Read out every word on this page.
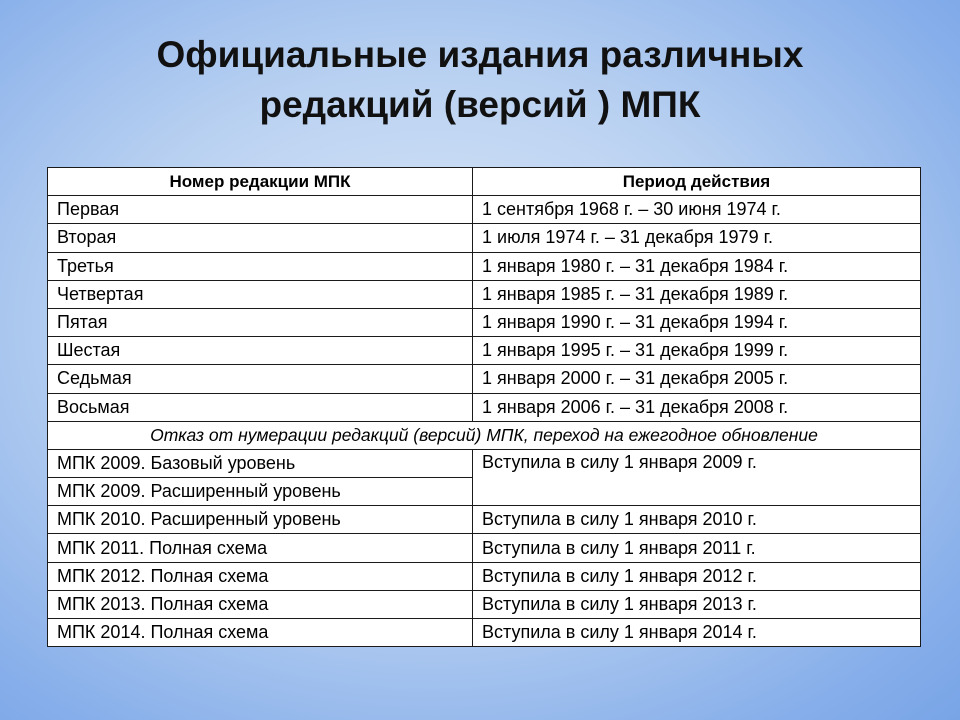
Официальные издания различных
редакций (версий ) МПК
Номер редакции МПК	Период действия
Первая	1 сентября 1968 г. – 30 июня 1974 г.
Вторая	1 июля 1974 г. – 31 декабря 1979 г.
Третья	1 января 1980 г. – 31 декабря 1984 г.
Четвертая	1 января 1985 г. – 31 декабря 1989 г.
Пятая	1 января 1990 г. – 31 декабря 1994 г.
Шестая	1 января 1995 г. – 31 декабря 1999 г.
Седьмая	1 января 2000 г. – 31 декабря 2005 г.
Восьмая	1 января 2006 г. – 31 декабря 2008 г.
Отказ от нумерации редакций (версий) МПК, переход на ежегодное обновление	
МПК 2009. Базовый уровень	Вступила в силу 1 января 2009 г.
МПК 2009. Расширенный уровень	
МПК 2010. Расширенный уровень	Вступила в силу 1 января 2010 г.
МПК 2011. Полная схема	Вступила в силу 1 января 2011 г.
МПК 2012. Полная схема	Вступила в силу 1 января 2012 г.
МПК 2013. Полная схема	Вступила в силу 1 января 2013 г.
МПК 2014. Полная схема	Вступила в силу 1 января 2014 г.
